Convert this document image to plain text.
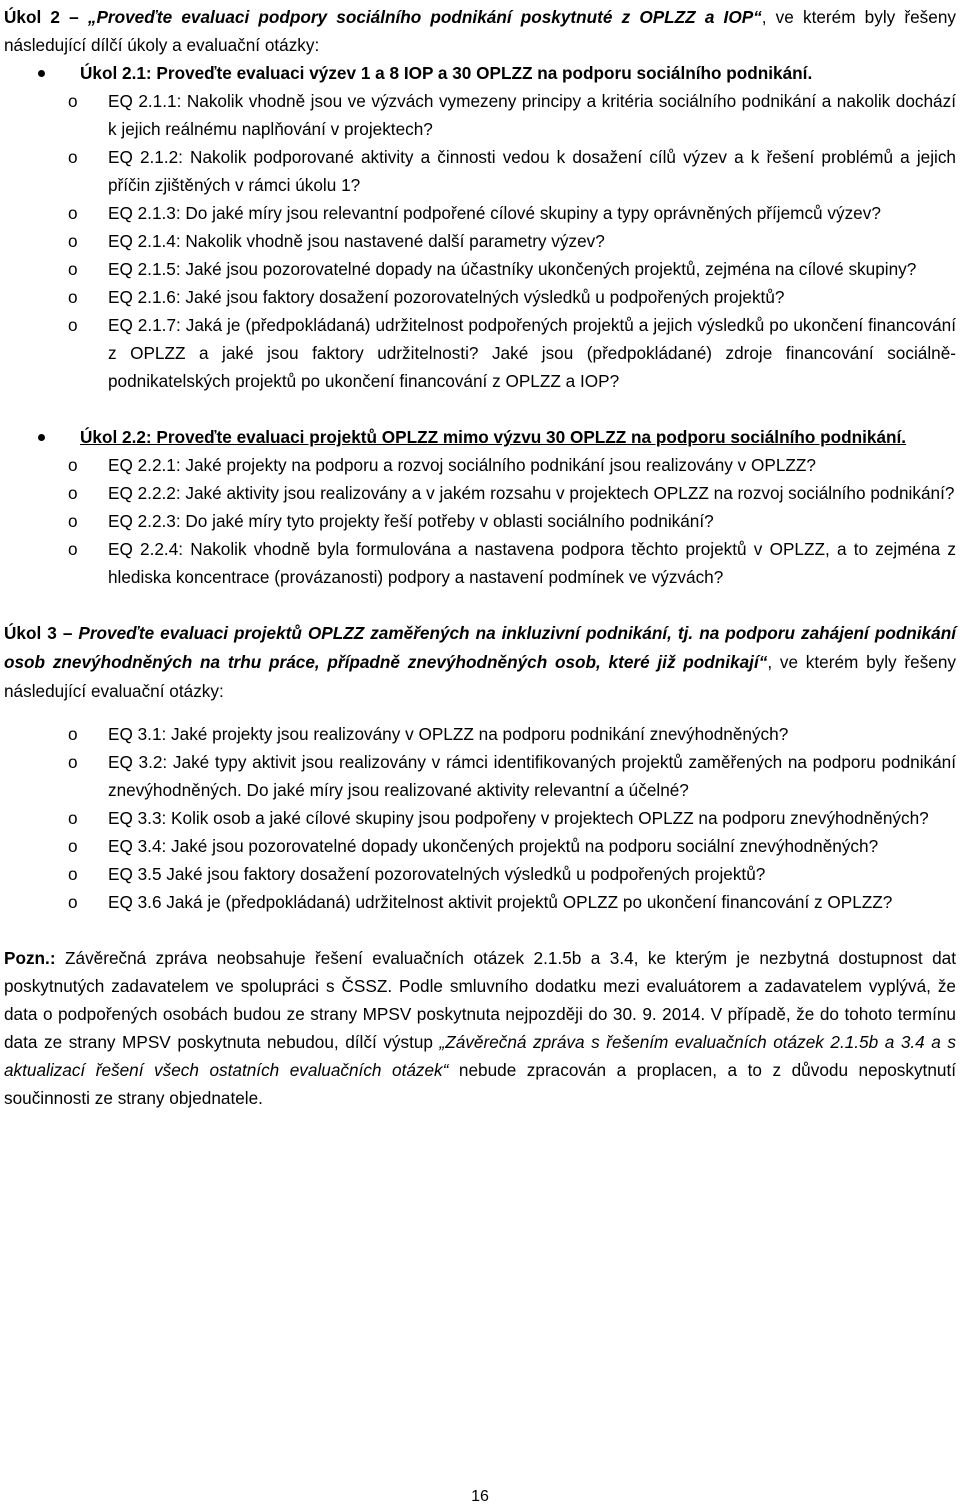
Úkol 2 – „Proveďte evaluaci podpory sociálního podnikání poskytnuté z OPLZZ a IOP“, ve kterém byly řešeny následující dílčí úkoly a evaluační otázky:

Úkol 2.1: Proveďte evaluaci výzev 1 a 8 IOP a 30 OPLZZ na podporu sociálního podnikání.

o EQ 2.1.1: Nakolik vhodně jsou ve výzvách vymezeny principy a kritéria sociálního podnikání a nakolik dochází k jejich reálnému naplňování v projektech?
o EQ 2.1.2: Nakolik podporované aktivity a činnosti vedou k dosažení cílů výzev a k řešení problémů a jejich příčin zjištěných v rámci úkolu 1?
o EQ 2.1.3: Do jaké míry jsou relevantní podpořené cílové skupiny a typy oprávněných příjemců výzev?
o EQ 2.1.4: Nakolik vhodně jsou nastavené další parametry výzev?
o EQ 2.1.5: Jaké jsou pozorovatelné dopady na účastníky ukončených projektů, zejména na cílové skupiny?
o EQ 2.1.6: Jaké jsou faktory dosažení pozorovatelných výsledků u podpořených projektů?
o EQ 2.1.7: Jaká je (předpokládaná) udržitelnost podpořených projektů a jejich výsledků po ukončení financování z OPLZZ a jaké jsou faktory udržitelnosti? Jaké jsou (předpokládané) zdroje financování sociálně-podnikatelských projektů po ukončení financování z OPLZZ a IOP?

Úkol 2.2: Proveďte evaluaci projektů OPLZZ mimo výzvu 30 OPLZZ na podporu sociálního podnikání.

o EQ 2.2.1: Jaké projekty na podporu a rozvoj sociálního podnikání jsou realizovány v OPLZZ?
o EQ 2.2.2: Jaké aktivity jsou realizovány a v jakém rozsahu v projektech OPLZZ na rozvoj sociálního podnikání?
o EQ 2.2.3: Do jaké míry tyto projekty řeší potřeby v oblasti sociálního podnikání?
o EQ 2.2.4: Nakolik vhodně byla formulována a nastavena podpora těchto projektů v OPLZZ, a to zejména z hlediska koncentrace (provázanosti) podpory a nastavení podmínek ve výzvách?

Úkol 3 – Proveďte evaluaci projektů OPLZZ zaměřených na inkluzivní podnikání, tj. na podporu zahájení podnikání osob znevýhodněných na trhu práce, případně znevýhodněných osob, které již podnikají“, ve kterém byly řešeny následující evaluační otázky:

o EQ 3.1: Jaké projekty jsou realizovány v OPLZZ na podporu podnikání znevýhodněných?
o EQ 3.2: Jaké typy aktivit jsou realizovány v rámci identifikovaných projektů zaměřených na podporu podnikání znevýhodněných. Do jaké míry jsou realizované aktivity relevantní a účelné?
o EQ 3.3: Kolik osob a jaké cílové skupiny jsou podpořeny v projektech OPLZZ na podporu znevýhodněných?
o EQ 3.4: Jaké jsou pozorovatelné dopady ukončených projektů na podporu sociální znevýhodněných?
o EQ 3.5 Jaké jsou faktory dosažení pozorovatelných výsledků u podpořených projektů?
o EQ 3.6 Jaká je (předpokládaná) udržitelnost aktivit projektů OPLZZ po ukončení financování z OPLZZ?

Pozn.: Závěrečná zpráva neobsahuje řešení evaluačních otázek 2.1.5b a 3.4, ke kterým je nezbytná dostupnost dat poskytnutých zadavatelem ve spolupráci s ČSSZ. Podle smluvního dodatku mezi evaluátorem a zadavatelem vyplývá, že data o podpořených osobách budou ze strany MPSV poskytnuta nejpozději do 30. 9. 2014. V případě, že do tohoto termínu data ze strany MPSV poskytnuta nebudou, dílčí výstup „Závěrečná zpráva s řešením evaluačních otázek 2.1.5b a 3.4 a s aktualizací řešení všech ostatních evaluačních otázek“ nebude zpracován a proplacen, a to z důvodu neposkytnutí součinnosti ze strany objednatele.

16
